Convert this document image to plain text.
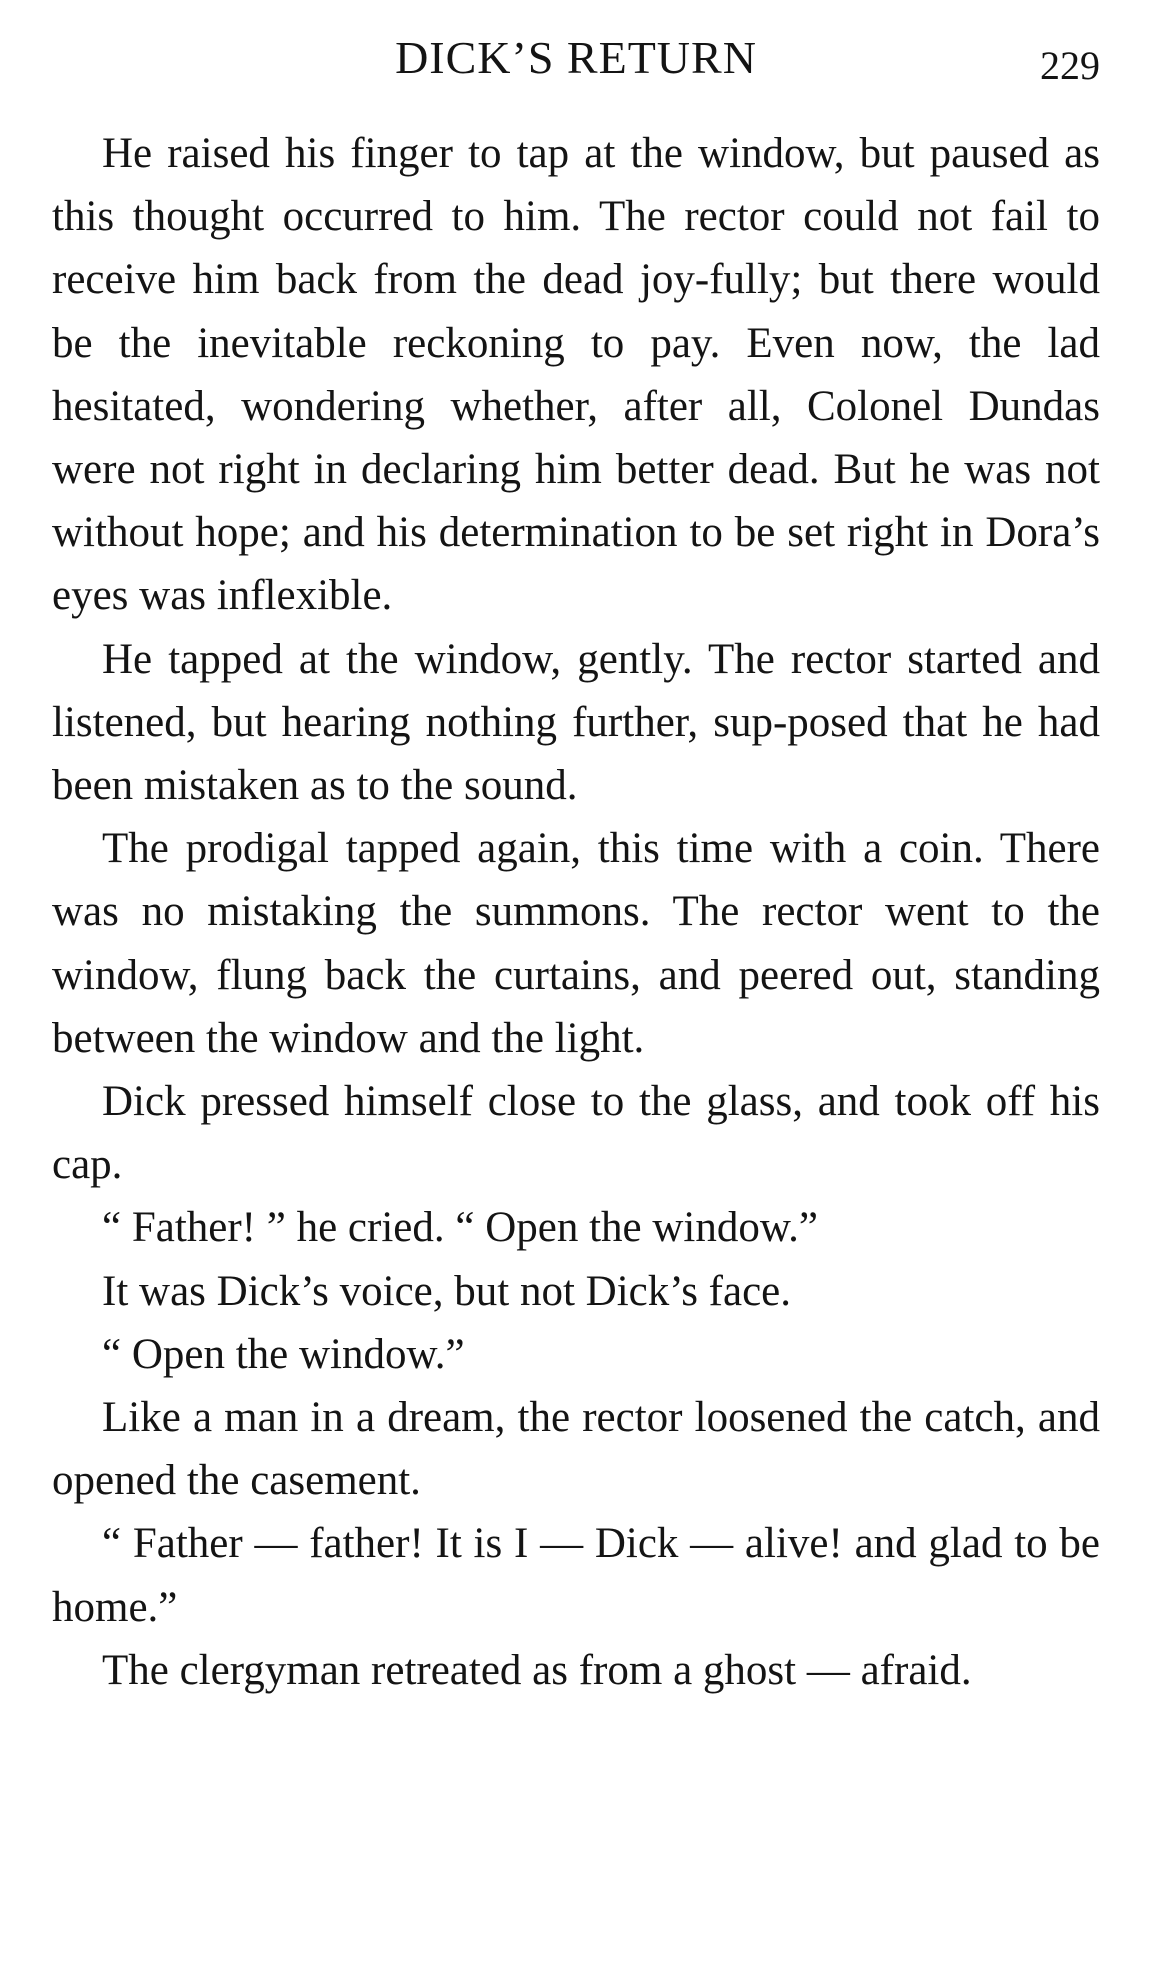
DICK’S RETURN	229

He raised his finger to tap at the window, but paused as this thought occurred to him. The rector could not fail to receive him back from the dead joy-fully; but there would be the inevitable reckoning to pay. Even now, the lad hesitated, wondering whether, after all, Colonel Dundas were not right in declaring him better dead. But he was not without hope; and his determination to be set right in Dora’s eyes was inflexible.

He tapped at the window, gently. The rector started and listened, but hearing nothing further, sup-posed that he had been mistaken as to the sound.

The prodigal tapped again, this time with a coin. There was no mistaking the summons. The rector went to the window, flung back the curtains, and peered out, standing between the window and the light.

Dick pressed himself close to the glass, and took off his cap.

“ Father! ” he cried. “ Open the window.”

It was Dick’s voice, but not Dick’s face.

“ Open the window.”

Like a man in a dream, the rector loosened the catch, and opened the casement.

“ Father — father! It is I — Dick — alive! and glad to be home.”

The clergyman retreated as from a ghost — afraid.
